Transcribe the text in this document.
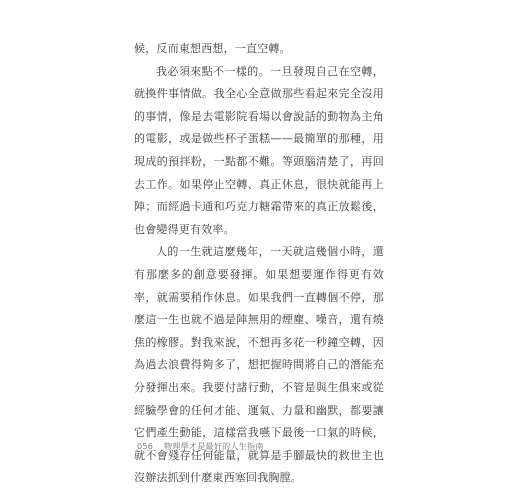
候，反而東想西想，一直空轉。

我必須來點不一樣的。一旦發現自己在空轉，就換件事情做。我全心全意做那些看起來完全沒用的事情，像是去電影院看場以會說話的動物為主角的電影，或是做些杯子蛋糕——最簡單的那種，用現成的預拌粉，一點都不難。等頭腦清楚了，再回去工作。如果停止空轉、真正休息，很快就能再上陣；而經過卡通和巧克力糖霜帶來的真正放鬆後，也會變得更有效率。

人的一生就這麼幾年，一天就這幾個小時，還有那麼多的創意要發揮。如果想要運作得更有效率，就需要稍作休息。如果我們一直轉個不停，那麼這一生也就不過是陣無用的煙塵、噪音，還有燒焦的橡膠。對我來說，不想再多花一秒鐘空轉，因為過去浪費得夠多了，想把握時間將自己的潛能充分發揮出來。我要付諸行動，不管是與生俱來或從經驗學會的任何才能、運氣、力量和幽默，都要讓它們產生動能，這樣當我嚥下最後一口氣的時候，就不會殘存任何能量，就算是手腳最快的救世主也沒辦法抓到什麼東西塞回我胸膛。

056 物理學才是最好的人生指南
